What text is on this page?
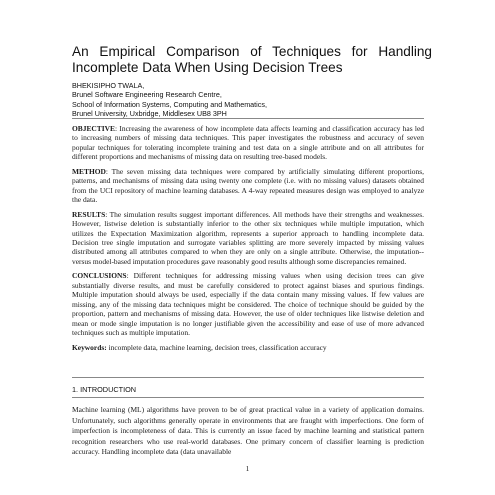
An Empirical Comparison of Techniques for Handling Incomplete Data When Using Decision Trees
BHEKISIPHO TWALA,
Brunel Software Engineering Research Centre,
School of Information Systems, Computing and Mathematics,
Brunel University, Uxbridge, Middlesex UB8 3PH

OBJECTIVE: Increasing the awareness of how incomplete data affects learning and classification accuracy has led to increasing numbers of missing data techniques. This paper investigates the robustness and accuracy of seven popular techniques for tolerating incomplete training and test data on a single attribute and on all attributes for different proportions and mechanisms of missing data on resulting tree-based models.

METHOD: The seven missing data techniques were compared by artificially simulating different proportions, patterns, and mechanisms of missing data using twenty one complete (i.e. with no missing values) datasets obtained from the UCI repository of machine learning databases. A 4-way repeated measures design was employed to analyze the data.

RESULTS: The simulation results suggest important differences. All methods have their strengths and weaknesses. However, listwise deletion is substantially inferior to the other six techniques while multiple imputation, which utilizes the Expectation Maximization algorithm, represents a superior approach to handling incomplete data. Decision tree single imputation and surrogate variables splitting are more severely impacted by missing values distributed among all attributes compared to when they are only on a single attribute. Otherwise, the imputation--versus model-based imputation procedures gave reasonably good results although some discrepancies remained.

CONCLUSIONS: Different techniques for addressing missing values when using decision trees can give substantially diverse results, and must be carefully considered to protect against biases and spurious findings. Multiple imputation should always be used, especially if the data contain many missing values. If few values are missing, any of the missing data techniques might be considered. The choice of technique should be guided by the proportion, pattern and mechanisms of missing data. However, the use of older techniques like listwise deletion and mean or mode single imputation is no longer justifiable given the accessibility and ease of use of more advanced techniques such as multiple imputation.

Keywords: incomplete data, machine learning, decision trees, classification accuracy

1. INTRODUCTION

Machine learning (ML) algorithms have proven to be of great practical value in a variety of application domains. Unfortunately, such algorithms generally operate in environments that are fraught with imperfections. One form of imperfection is incompleteness of data. This is currently an issue faced by machine learning and statistical pattern recognition researchers who use real-world databases. One primary concern of classifier learning is prediction accuracy. Handling incomplete data (data unavailable

1
